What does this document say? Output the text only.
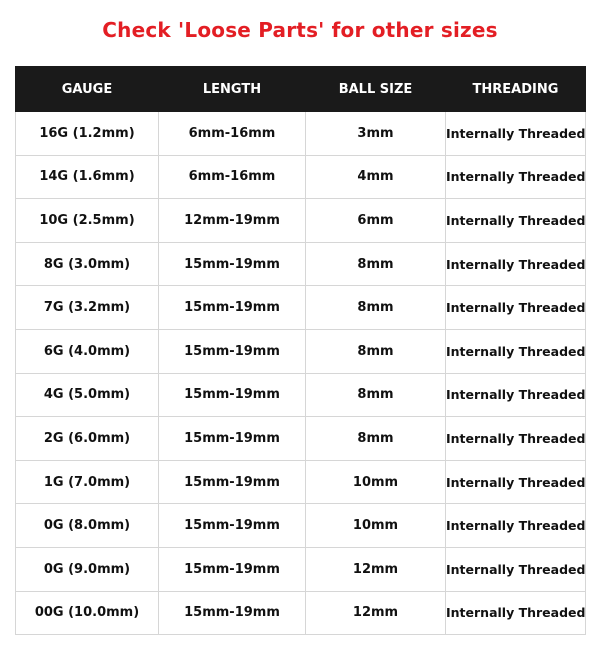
Check 'Loose Parts' for other sizes
GAUGE	LENGTH	BALL SIZE	THREADING
16G (1.2mm)	6mm-16mm	3mm	Internally Threaded
14G (1.6mm)	6mm-16mm	4mm	Internally Threaded
10G (2.5mm)	12mm-19mm	6mm	Internally Threaded
8G (3.0mm)	15mm-19mm	8mm	Internally Threaded
7G (3.2mm)	15mm-19mm	8mm	Internally Threaded
6G (4.0mm)	15mm-19mm	8mm	Internally Threaded
4G (5.0mm)	15mm-19mm	8mm	Internally Threaded
2G (6.0mm)	15mm-19mm	8mm	Internally Threaded
1G (7.0mm)	15mm-19mm	10mm	Internally Threaded
0G (8.0mm)	15mm-19mm	10mm	Internally Threaded
0G (9.0mm)	15mm-19mm	12mm	Internally Threaded
00G (10.0mm)	15mm-19mm	12mm	Internally Threaded
